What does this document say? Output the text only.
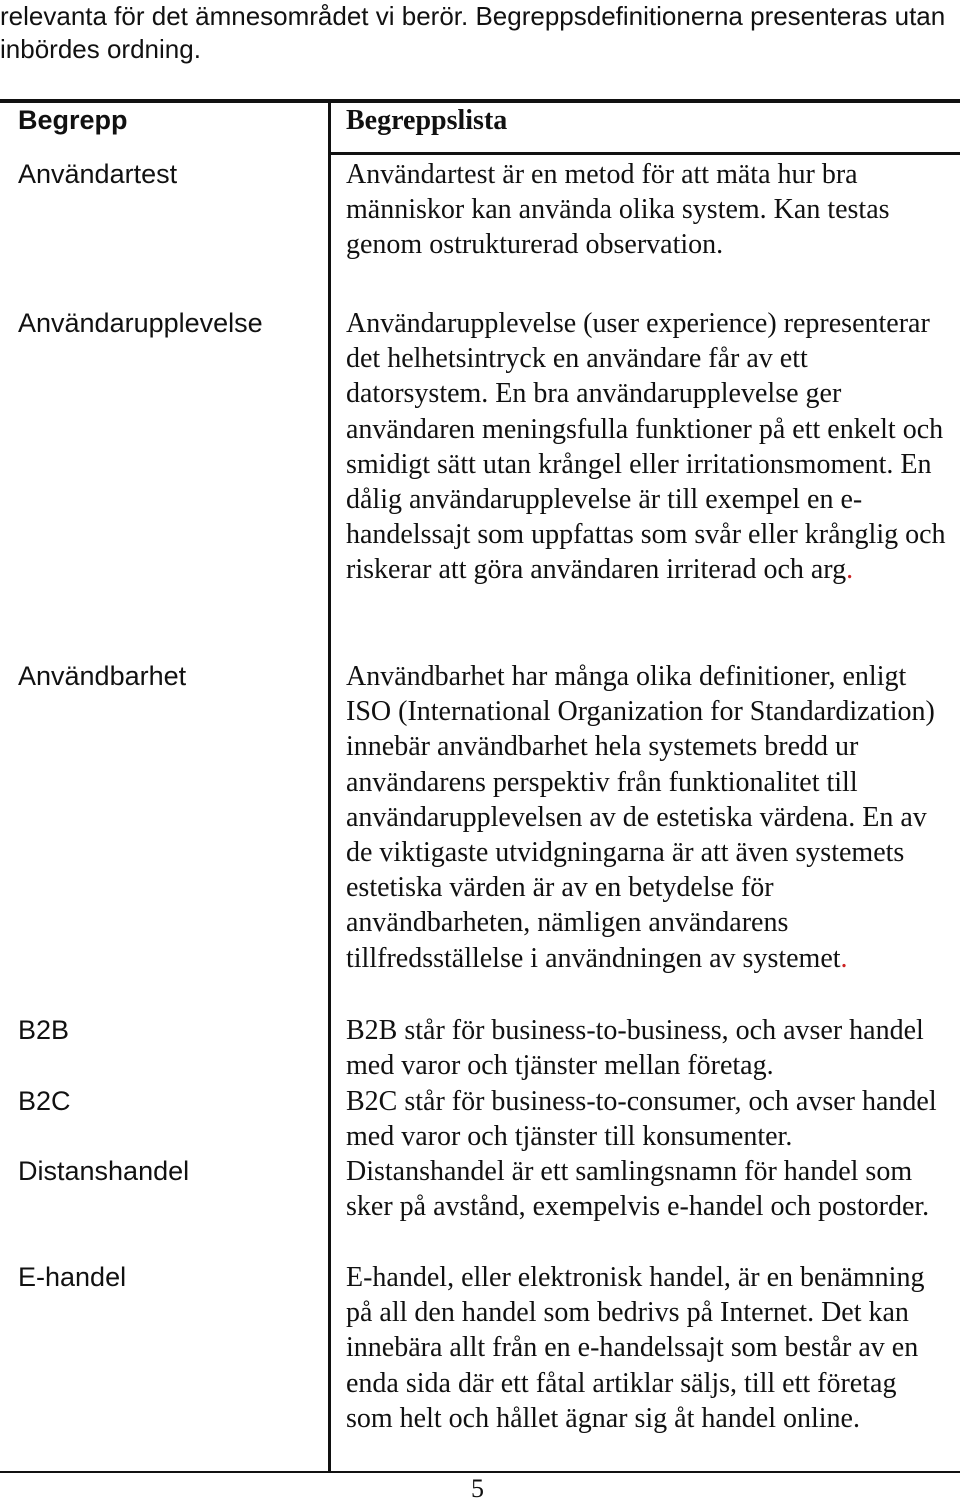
relevanta för det ämnesområdet vi berör. Begreppsdefinitionerna presenteras utan inbördes ordning.

Begrepp	Begreppslista

Användartest	Användartest är en metod för att mäta hur bra människor kan använda olika system. Kan testas genom ostrukturerad observation.

Användarupplevelse	Användarupplevelse (user experience) representerar det helhetsintryck en användare får av ett datorsystem. En bra användarupplevelse ger användaren meningsfulla funktioner på ett enkelt och smidigt sätt utan krångel eller irritationsmoment. En dålig användarupplevelse är till exempel en e-handelssajt som uppfattas som svår eller krånglig och riskerar att göra användaren irriterad och arg.

Användbarhet	Användbarhet har många olika definitioner, enligt ISO (International Organization for Standardization) innebär användbarhet hela systemets bredd ur användarens perspektiv från funktionalitet till användarupplevelsen av de estetiska värdena. En av de viktigaste utvidgningarna är att även systemets estetiska värden är av en betydelse för användbarheten, nämligen användarens tillfredsställelse i användningen av systemet.

B2B	B2B står för business-to-business, och avser handel med varor och tjänster mellan företag.

B2C	B2C står för business-to-consumer, och avser handel med varor och tjänster till konsumenter.

Distanshandel	Distanshandel är ett samlingsnamn för handel som sker på avstånd, exempelvis e-handel och postorder.

E-handel	E-handel, eller elektronisk handel, är en benämning på all den handel som bedrivs på Internet. Det kan innebära allt från en e-handelssajt som består av en enda sida där ett fåtal artiklar säljs, till ett företag som helt och hållet ägnar sig åt handel online.

5
